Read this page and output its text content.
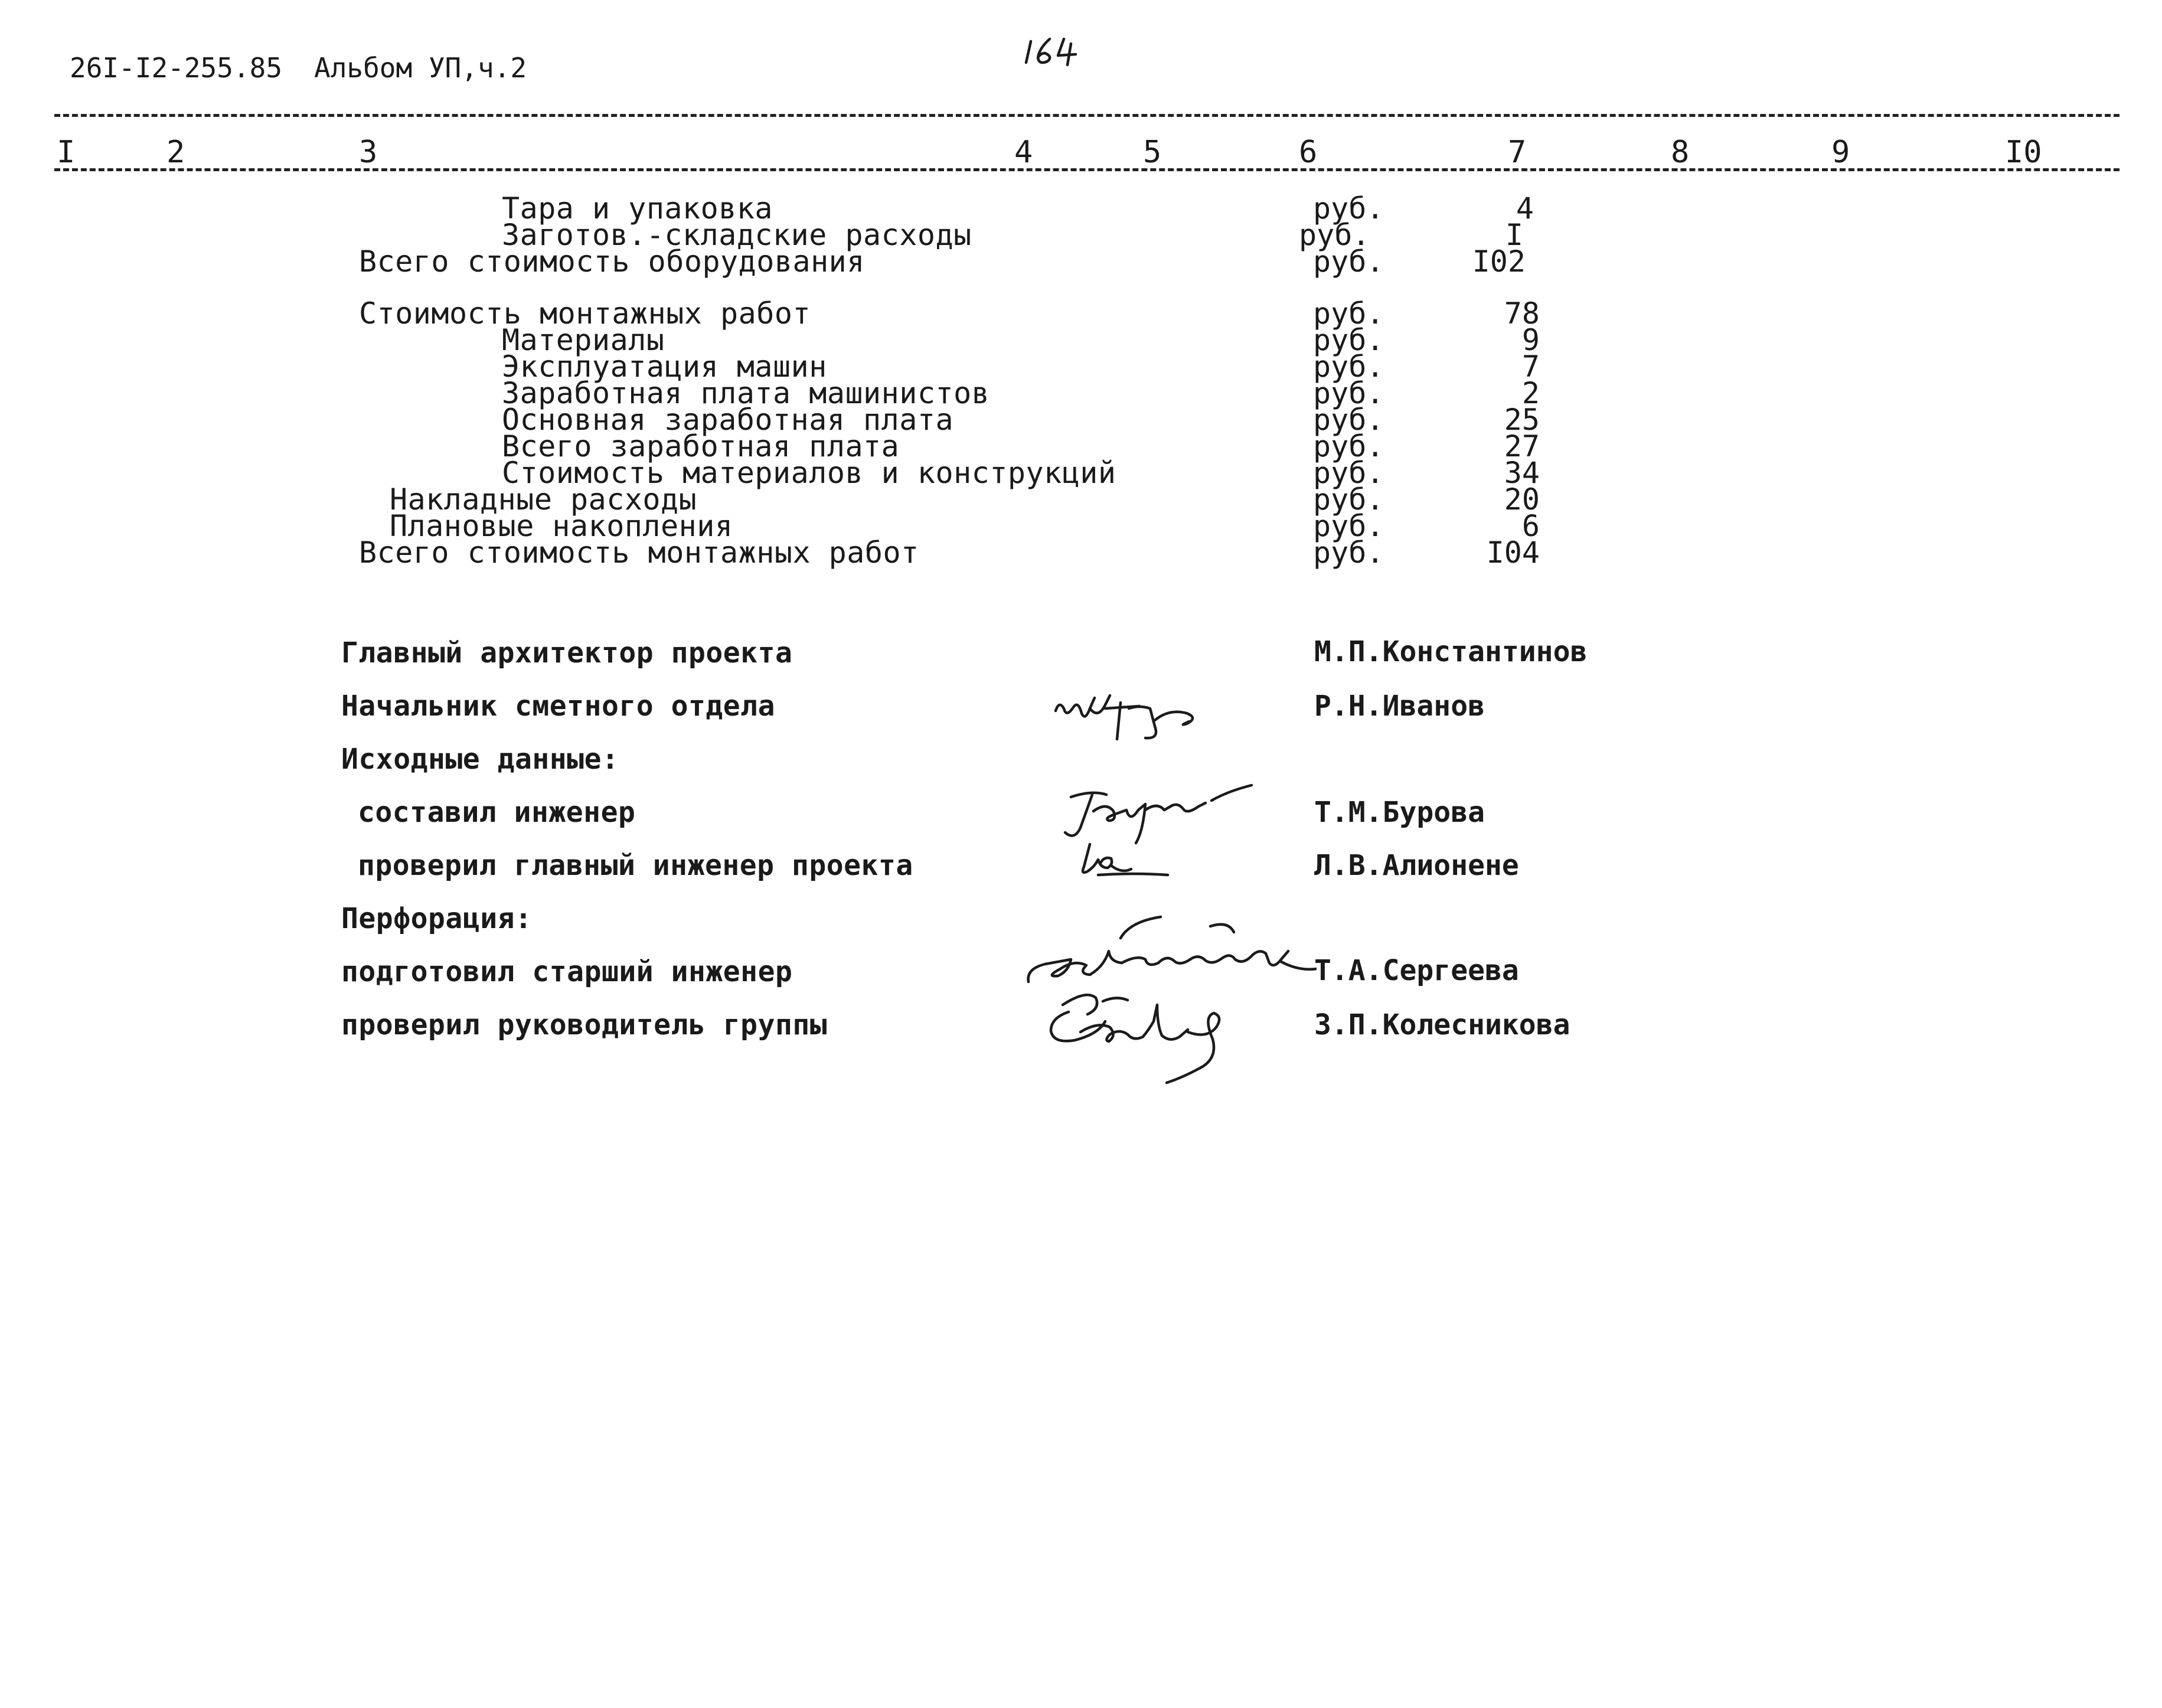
26I-I2-255.85 Альбом УП,ч.2
I	2	3	4	5	6	7	8	9	I0
Тара и упаковка	руб.	4
Заготов.-складские расходы	руб.	I
Всего стоимость оборудования	руб.	I02
Стоимость монтажных работ	руб.	78
Материалы	руб.	9
Эксплуатация машин	руб.	7
Заработная плата машинистов	руб.	2
Основная заработная плата	руб.	25
Всего заработная плата	руб.	27
Стоимость материалов и конструкций	руб.	34
Накладные расходы	руб.	20
Плановые накопления	руб.	6
Всего стоимость монтажных работ	руб.	I04
Главный архитектор проекта	М.П.Константинов
Начальник сметного отдела	Р.Н.Иванов
Исходные данные:
составил инженер	Т.М.Бурова
проверил главный инженер проекта	Л.В.Алионене
Перфорация:
подготовил старший инженер	Т.А.Сергеева
проверил руководитель группы	З.П.Колесникова
